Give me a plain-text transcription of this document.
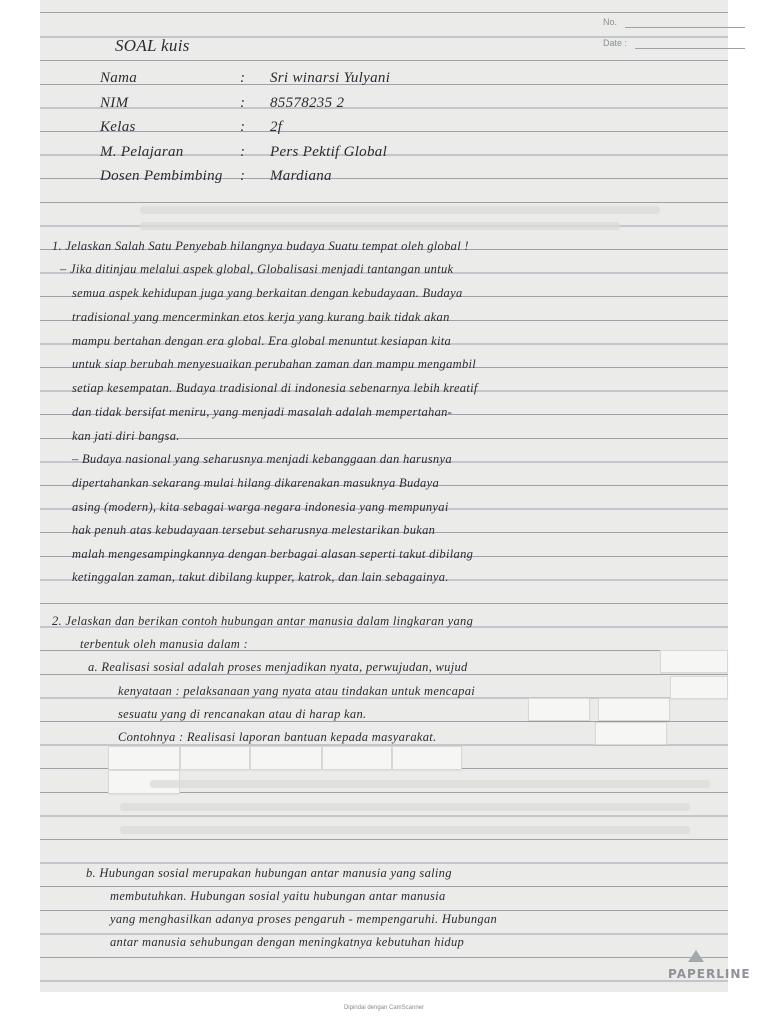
No.
Date :
SOAL kuis
Nama	: Sri winarsi Yulyani
NIM	: 85578235 2
Kelas	: 2f
M. Pelajaran	: Pers Pektif Global
Dosen Pembimbing : Mardiana
1. Jelaskan Salah Satu Penyebab hilangnya budaya Suatu tempat oleh global !
– Jika ditinjau melalui aspek global, Globalisasi menjadi tantangan untuk
semua aspek kehidupan juga yang berkaitan dengan kebudayaan. Budaya
tradisional yang mencerminkan etos kerja yang kurang baik tidak akan
mampu bertahan dengan era global. Era global menuntut kesiapan kita
untuk siap berubah menyesuaikan perubahan zaman dan mampu mengambil
setiap kesempatan. Budaya tradisional di indonesia sebenarnya lebih kreatif
dan tidak bersifat meniru, yang menjadi masalah adalah mempertahan-
kan jati diri bangsa.
– Budaya nasional yang seharusnya menjadi kebanggaan dan harusnya
dipertahankan sekarang mulai hilang dikarenakan masuknya Budaya
asing (modern), kita sebagai warga negara indonesia yang mempunyai
hak penuh atas kebudayaan tersebut seharusnya melestarikan bukan
malah mengesampingkannya dengan berbagai alasan seperti takut dibilang
ketinggalan zaman, takut dibilang kupper, katrok, dan lain sebagainya.
2. Jelaskan dan berikan contoh hubungan antar manusia dalam lingkaran yang
terbentuk oleh manusia dalam :
a. Realisasi sosial adalah proses menjadikan nyata, perwujudan, wujud
kenyataan : pelaksanaan yang nyata atau tindakan untuk mencapai
sesuatu yang di rencanakan atau di harap kan.
Contohnya : Realisasi laporan bantuan kepada masyarakat.
b. Hubungan sosial merupakan hubungan antar manusia yang saling
membutuhkan. Hubungan sosial yaitu hubungan antar manusia
yang menghasilkan adanya proses pengaruh - mempengaruhi. Hubungan
antar manusia sehubungan dengan meningkatnya kebutuhan hidup
PAPERLINE
Dipindai dengan CamScanner
